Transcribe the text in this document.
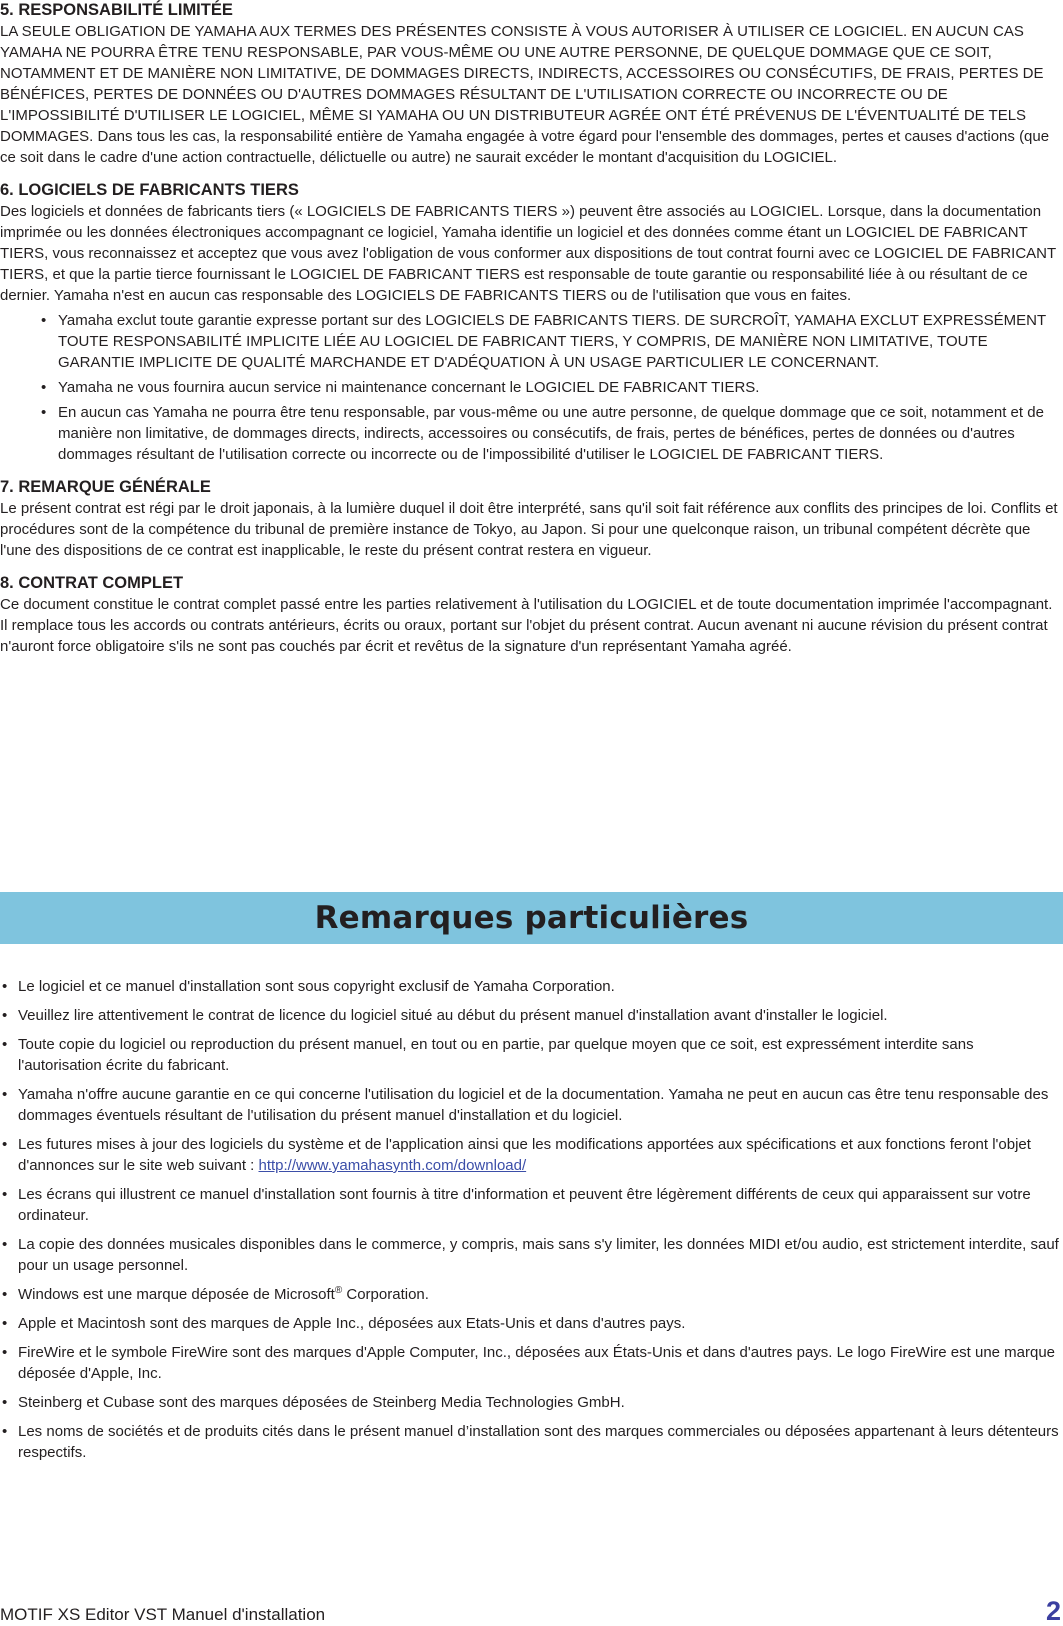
5. RESPONSABILITÉ LIMITÉE

LA SEULE OBLIGATION DE YAMAHA AUX TERMES DES PRÉSENTES CONSISTE À VOUS AUTORISER À UTILISER CE LOGICIEL. EN AUCUN CAS YAMAHA NE POURRA ÊTRE TENU RESPONSABLE, PAR VOUS-MÊME OU UNE AUTRE PERSONNE, DE QUELQUE DOMMAGE QUE CE SOIT, NOTAMMENT ET DE MANIÈRE NON LIMITATIVE, DE DOMMAGES DIRECTS, INDIRECTS, ACCESSOIRES OU CONSÉCUTIFS, DE FRAIS, PERTES DE BÉNÉFICES, PERTES DE DONNÉES OU D'AUTRES DOMMAGES RÉSULTANT DE L'UTILISATION CORRECTE OU INCORRECTE OU DE L'IMPOSSIBILITÉ D'UTILISER LE LOGICIEL, MÊME SI YAMAHA OU UN DISTRIBUTEUR AGRÉE ONT ÉTÉ PRÉVENUS DE L'ÉVENTUALITÉ DE TELS DOMMAGES. Dans tous les cas, la responsabilité entière de Yamaha engagée à votre égard pour l'ensemble des dommages, pertes et causes d'actions (que ce soit dans le cadre d'une action contractuelle, délictuelle ou autre) ne saurait excéder le montant d'acquisition du LOGICIEL.

6. LOGICIELS DE FABRICANTS TIERS

Des logiciels et données de fabricants tiers (« LOGICIELS DE FABRICANTS TIERS ») peuvent être associés au LOGICIEL. Lorsque, dans la documentation imprimée ou les données électroniques accompagnant ce logiciel, Yamaha identifie un logiciel et des données comme étant un LOGICIEL DE FABRICANT TIERS, vous reconnaissez et acceptez que vous avez l'obligation de vous conformer aux dispositions de tout contrat fourni avec ce LOGICIEL DE FABRICANT TIERS, et que la partie tierce fournissant le LOGICIEL DE FABRICANT TIERS est responsable de toute garantie ou responsabilité liée à ou résultant de ce dernier. Yamaha n'est en aucun cas responsable des LOGICIELS DE FABRICANTS TIERS ou de l'utilisation que vous en faites.

• Yamaha exclut toute garantie expresse portant sur des LOGICIELS DE FABRICANTS TIERS. DE SURCROÎT, YAMAHA EXCLUT EXPRESSÉMENT TOUTE RESPONSABILITÉ IMPLICITE LIÉE AU LOGICIEL DE FABRICANT TIERS, Y COMPRIS, DE MANIÈRE NON LIMITATIVE, TOUTE GARANTIE IMPLICITE DE QUALITÉ MARCHANDE ET D'ADÉQUATION À UN USAGE PARTICULIER LE CONCERNANT.
• Yamaha ne vous fournira aucun service ni maintenance concernant le LOGICIEL DE FABRICANT TIERS.
• En aucun cas Yamaha ne pourra être tenu responsable, par vous-même ou une autre personne, de quelque dommage que ce soit, notamment et de manière non limitative, de dommages directs, indirects, accessoires ou consécutifs, de frais, pertes de bénéfices, pertes de données ou d'autres dommages résultant de l'utilisation correcte ou incorrecte ou de l'impossibilité d'utiliser le LOGICIEL DE FABRICANT TIERS.

7. REMARQUE GÉNÉRALE

Le présent contrat est régi par le droit japonais, à la lumière duquel il doit être interprété, sans qu'il soit fait référence aux conflits des principes de loi. Conflits et procédures sont de la compétence du tribunal de première instance de Tokyo, au Japon. Si pour une quelconque raison, un tribunal compétent décrète que l'une des dispositions de ce contrat est inapplicable, le reste du présent contrat restera en vigueur.

8. CONTRAT COMPLET

Ce document constitue le contrat complet passé entre les parties relativement à l'utilisation du LOGICIEL et de toute documentation imprimée l'accompagnant. Il remplace tous les accords ou contrats antérieurs, écrits ou oraux, portant sur l'objet du présent contrat. Aucun avenant ni aucune révision du présent contrat n'auront force obligatoire s'ils ne sont pas couchés par écrit et revêtus de la signature d'un représentant Yamaha agréé.

Remarques particulières
• Le logiciel et ce manuel d'installation sont sous copyright exclusif de Yamaha Corporation.
• Veuillez lire attentivement le contrat de licence du logiciel situé au début du présent manuel d'installation avant d'installer le logiciel.
• Toute copie du logiciel ou reproduction du présent manuel, en tout ou en partie, par quelque moyen que ce soit, est expressément interdite sans l'autorisation écrite du fabricant.
• Yamaha n'offre aucune garantie en ce qui concerne l'utilisation du logiciel et de la documentation. Yamaha ne peut en aucun cas être tenu responsable des dommages éventuels résultant de l'utilisation du présent manuel d'installation et du logiciel.
• Les futures mises à jour des logiciels du système et de l'application ainsi que les modifications apportées aux spécifications et aux fonctions feront l'objet d'annonces sur le site web suivant : http://www.yamahasynth.com/download/
• Les écrans qui illustrent ce manuel d'installation sont fournis à titre d'information et peuvent être légèrement différents de ceux qui apparaissent sur votre ordinateur.
• La copie des données musicales disponibles dans le commerce, y compris, mais sans s'y limiter, les données MIDI et/ou audio, est strictement interdite, sauf pour un usage personnel.
• Windows est une marque déposée de Microsoft® Corporation.
• Apple et Macintosh sont des marques de Apple Inc., déposées aux Etats-Unis et dans d'autres pays.
• FireWire et le symbole FireWire sont des marques d'Apple Computer, Inc., déposées aux États-Unis et dans d'autres pays. Le logo FireWire est une marque déposée d'Apple, Inc.
• Steinberg et Cubase sont des marques déposées de Steinberg Media Technologies GmbH.
• Les noms de sociétés et de produits cités dans le présent manuel d’installation sont des marques commerciales ou déposées appartenant à leurs détenteurs respectifs.
MOTIF XS Editor VST Manuel d'installation	2
